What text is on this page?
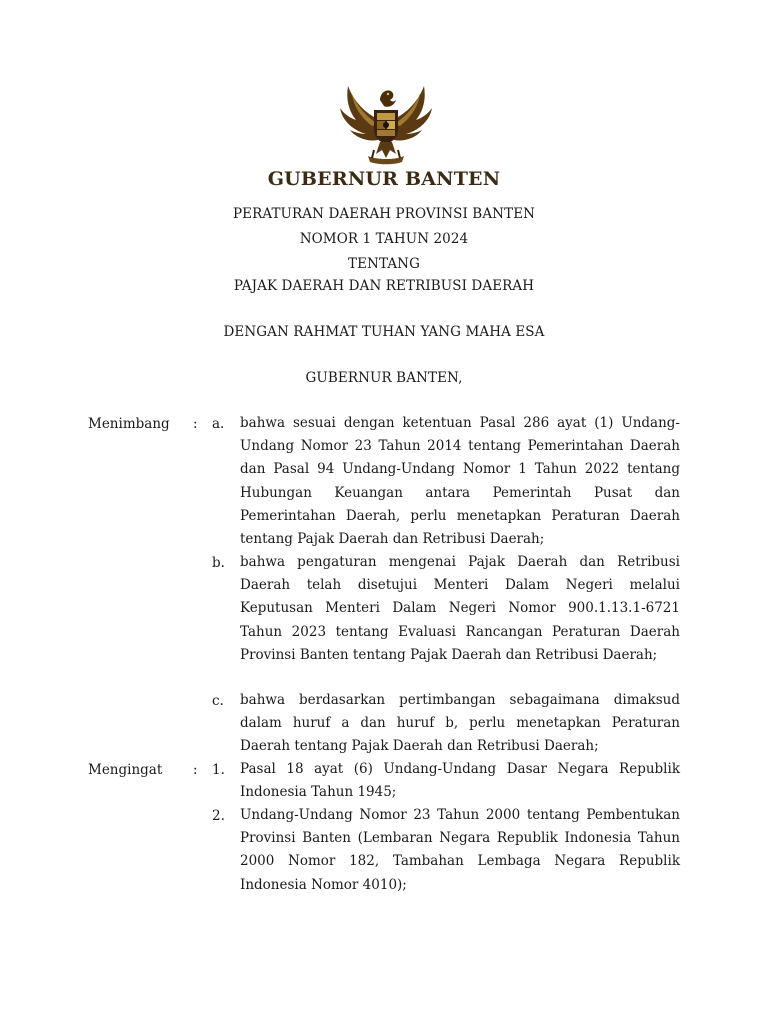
GUBERNUR BANTEN
PERATURAN DAERAH PROVINSI BANTEN
NOMOR 1 TAHUN 2024
TENTANG
PAJAK DAERAH DAN RETRIBUSI DAERAH
DENGAN RAHMAT TUHAN YANG MAHA ESA
GUBERNUR BANTEN,
Menimbang : a.	bahwa sesuai dengan ketentuan Pasal 286 ayat (1) Undang-Undang Nomor 23 Tahun 2014 tentang Pemerintahan Daerah dan Pasal 94 Undang-Undang Nomor 1 Tahun 2022 tentang Hubungan Keuangan antara Pemerintah Pusat dan Pemerintahan Daerah, perlu menetapkan Peraturan Daerah tentang Pajak Daerah dan Retribusi Daerah;
b.	bahwa pengaturan mengenai Pajak Daerah dan Retribusi Daerah telah disetujui Menteri Dalam Negeri melalui Keputusan Menteri Dalam Negeri Nomor 900.1.13.1-6721 Tahun 2023 tentang Evaluasi Rancangan Peraturan Daerah Provinsi Banten tentang Pajak Daerah dan Retribusi Daerah;
c.	bahwa berdasarkan pertimbangan sebagaimana dimaksud dalam huruf a dan huruf b, perlu menetapkan Peraturan Daerah tentang Pajak Daerah dan Retribusi Daerah;
Mengingat : 1.	Pasal 18 ayat (6) Undang-Undang Dasar Negara Republik Indonesia Tahun 1945;
2.	Undang-Undang Nomor 23 Tahun 2000 tentang Pembentukan Provinsi Banten (Lembaran Negara Republik Indonesia Tahun 2000 Nomor 182, Tambahan Lembaga Negara Republik Indonesia Nomor 4010);
